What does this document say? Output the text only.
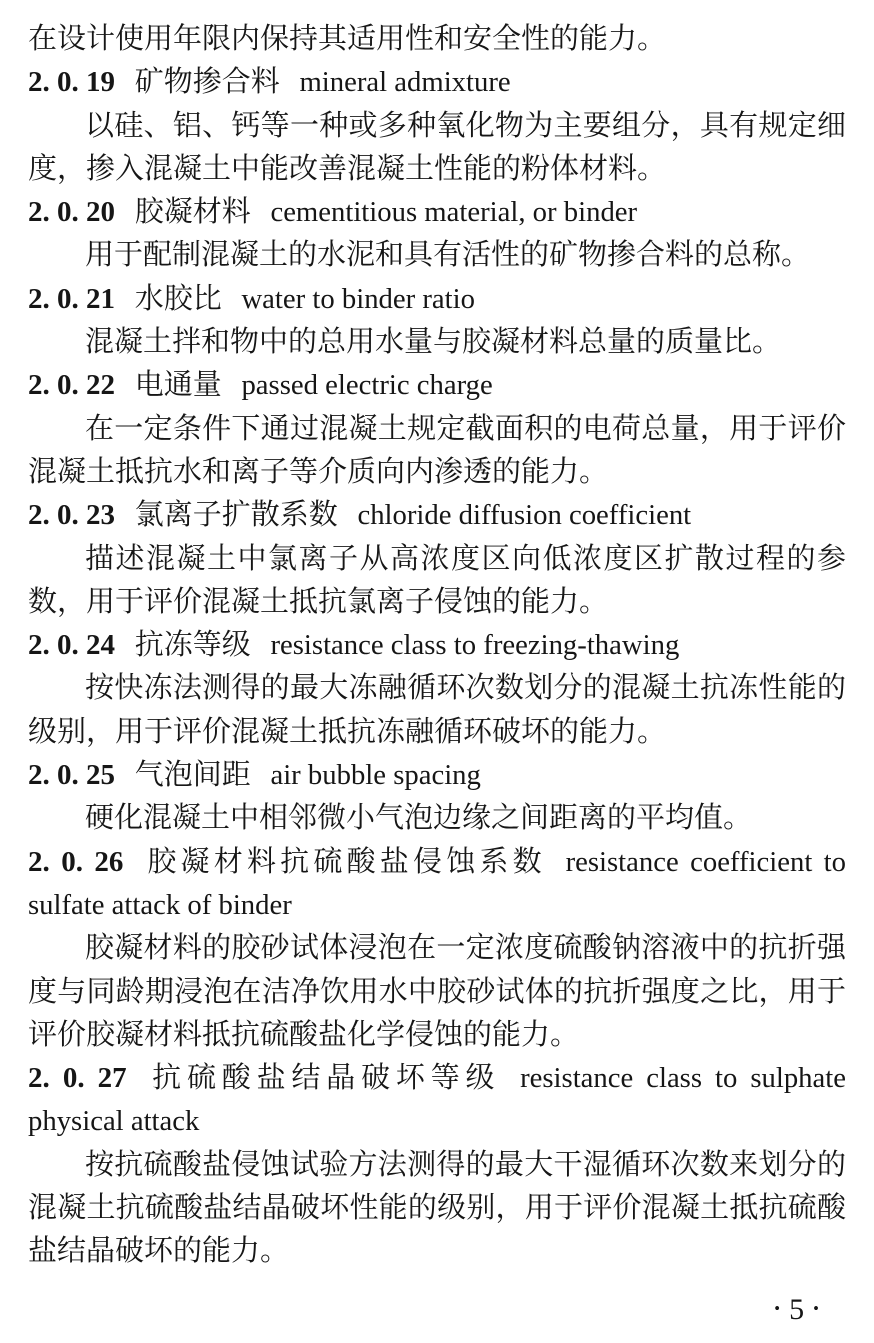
在设计使用年限内保持其适用性和安全性的能力。

2. 0. 19 矿物掺合料 mineral admixture

以硅、铝、钙等一种或多种氧化物为主要组分，具有规定细度，掺入混凝土中能改善混凝土性能的粉体材料。

2. 0. 20 胶凝材料 cementitious material, or binder

用于配制混凝土的水泥和具有活性的矿物掺合料的总称。

2. 0. 21 水胶比 water to binder ratio

混凝土拌和物中的总用水量与胶凝材料总量的质量比。

2. 0. 22 电通量 passed electric charge

在一定条件下通过混凝土规定截面积的电荷总量，用于评价混凝土抵抗水和离子等介质向内渗透的能力。

2. 0. 23 氯离子扩散系数 chloride diffusion coefficient

描述混凝土中氯离子从高浓度区向低浓度区扩散过程的参数，用于评价混凝土抵抗氯离子侵蚀的能力。

2. 0. 24 抗冻等级 resistance class to freezing-thawing

按快冻法测得的最大冻融循环次数划分的混凝土抗冻性能的级别，用于评价混凝土抵抗冻融循环破坏的能力。

2. 0. 25 气泡间距 air bubble spacing

硬化混凝土中相邻微小气泡边缘之间距离的平均值。

2. 0. 26 胶凝材料抗硫酸盐侵蚀系数 resistance coefficient to sulfate attack of binder

胶凝材料的胶砂试体浸泡在一定浓度硫酸钠溶液中的抗折强度与同龄期浸泡在洁净饮用水中胶砂试体的抗折强度之比，用于评价胶凝材料抵抗硫酸盐化学侵蚀的能力。

2. 0. 27 抗硫酸盐结晶破坏等级 resistance class to sulphate physical attack

按抗硫酸盐侵蚀试验方法测得的最大干湿循环次数来划分的混凝土抗硫酸盐结晶破坏性能的级别，用于评价混凝土抵抗硫酸盐结晶破坏的能力。

• 5 •
